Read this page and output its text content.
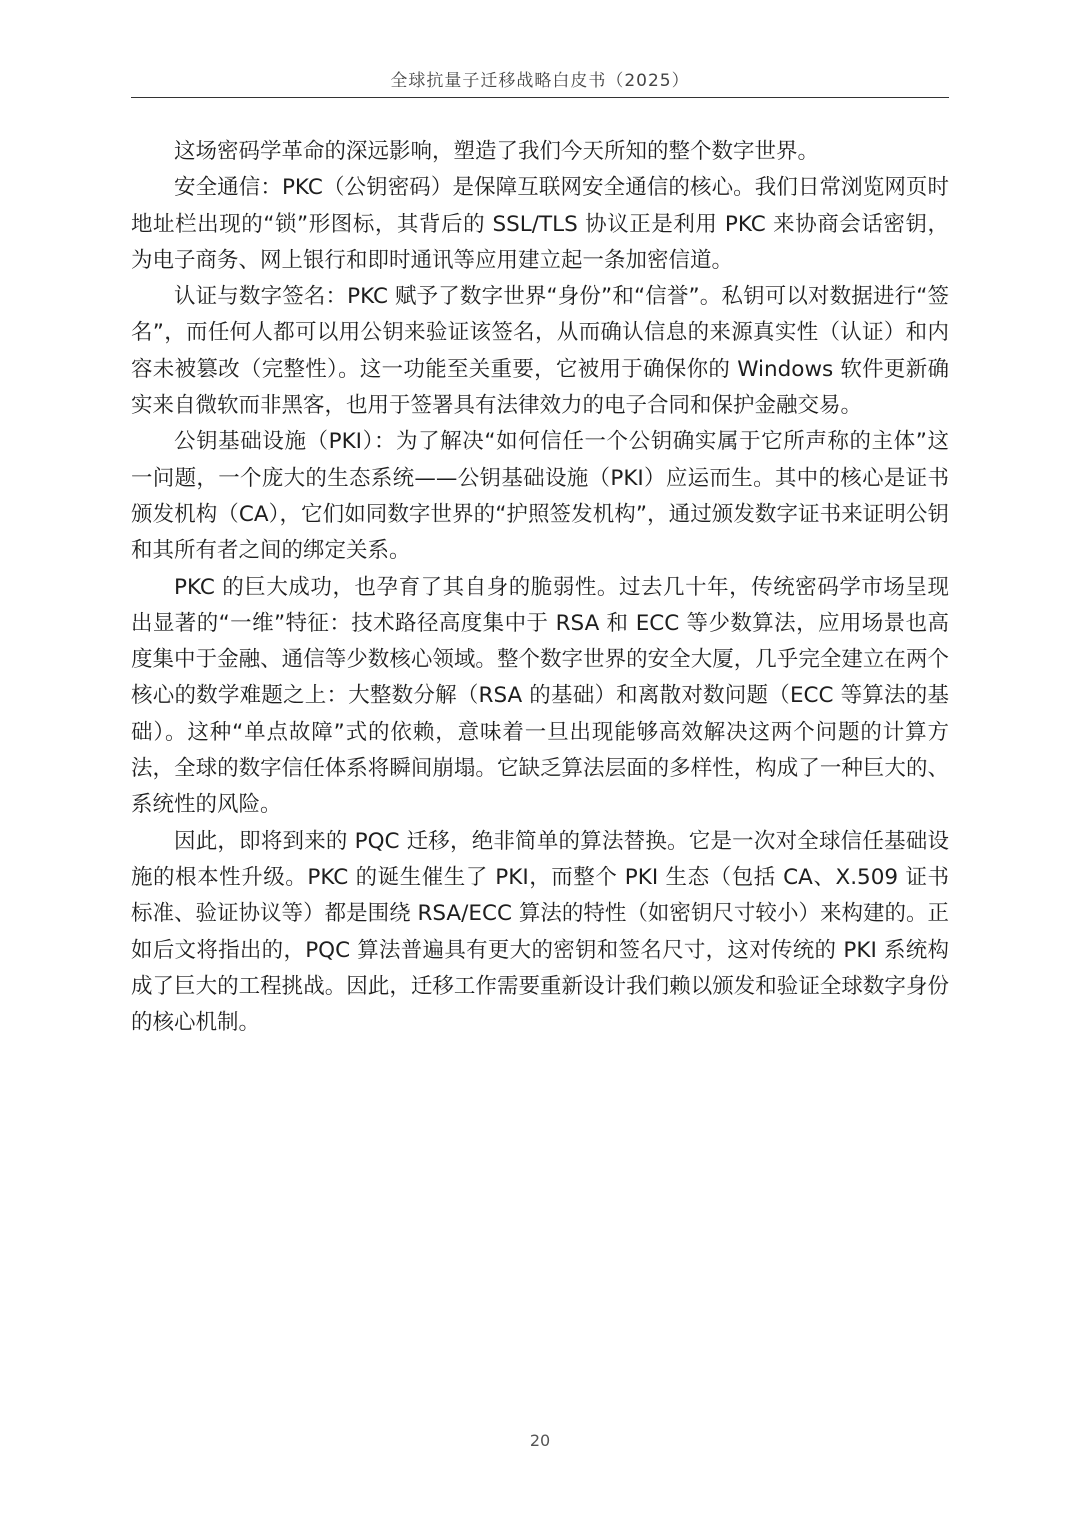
全球抗量子迁移战略白皮书（2025）

这场密码学革命的深远影响，塑造了我们今天所知的整个数字世界。

安全通信：PKC（公钥密码）是保障互联网安全通信的核心。我们日常浏览网页时地址栏出现的“锁”形图标，其背后的 SSL/TLS 协议正是利用 PKC 来协商会话密钥，为电子商务、网上银行和即时通讯等应用建立起一条加密信道。

认证与数字签名：PKC 赋予了数字世界“身份”和“信誉”。私钥可以对数据进行“签名”，而任何人都可以用公钥来验证该签名，从而确认信息的来源真实性（认证）和内容未被篡改（完整性）。这一功能至关重要，它被用于确保你的 Windows 软件更新确实来自微软而非黑客，也用于签署具有法律效力的电子合同和保护金融交易。

公钥基础设施（PKI）：为了解决“如何信任一个公钥确实属于它所声称的主体”这一问题，一个庞大的生态系统——公钥基础设施（PKI）应运而生。其中的核心是证书颁发机构（CA），它们如同数字世界的“护照签发机构”，通过颁发数字证书来证明公钥和其所有者之间的绑定关系。

PKC 的巨大成功，也孕育了其自身的脆弱性。过去几十年，传统密码学市场呈现出显著的“一维”特征：技术路径高度集中于 RSA 和 ECC 等少数算法，应用场景也高度集中于金融、通信等少数核心领域。整个数字世界的安全大厦，几乎完全建立在两个核心的数学难题之上：大整数分解（RSA 的基础）和离散对数问题（ECC 等算法的基础）。这种“单点故障”式的依赖，意味着一旦出现能够高效解决这两个问题的计算方法，全球的数字信任体系将瞬间崩塌。它缺乏算法层面的多样性，构成了一种巨大的、系统性的风险。

因此，即将到来的 PQC 迁移，绝非简单的算法替换。它是一次对全球信任基础设施的根本性升级。PKC 的诞生催生了 PKI，而整个 PKI 生态（包括 CA、X.509 证书标准、验证协议等）都是围绕 RSA/ECC 算法的特性（如密钥尺寸较小）来构建的。正如后文将指出的，PQC 算法普遍具有更大的密钥和签名尺寸，这对传统的 PKI 系统构成了巨大的工程挑战。因此，迁移工作需要重新设计我们赖以颁发和验证全球数字身份的核心机制。

20
